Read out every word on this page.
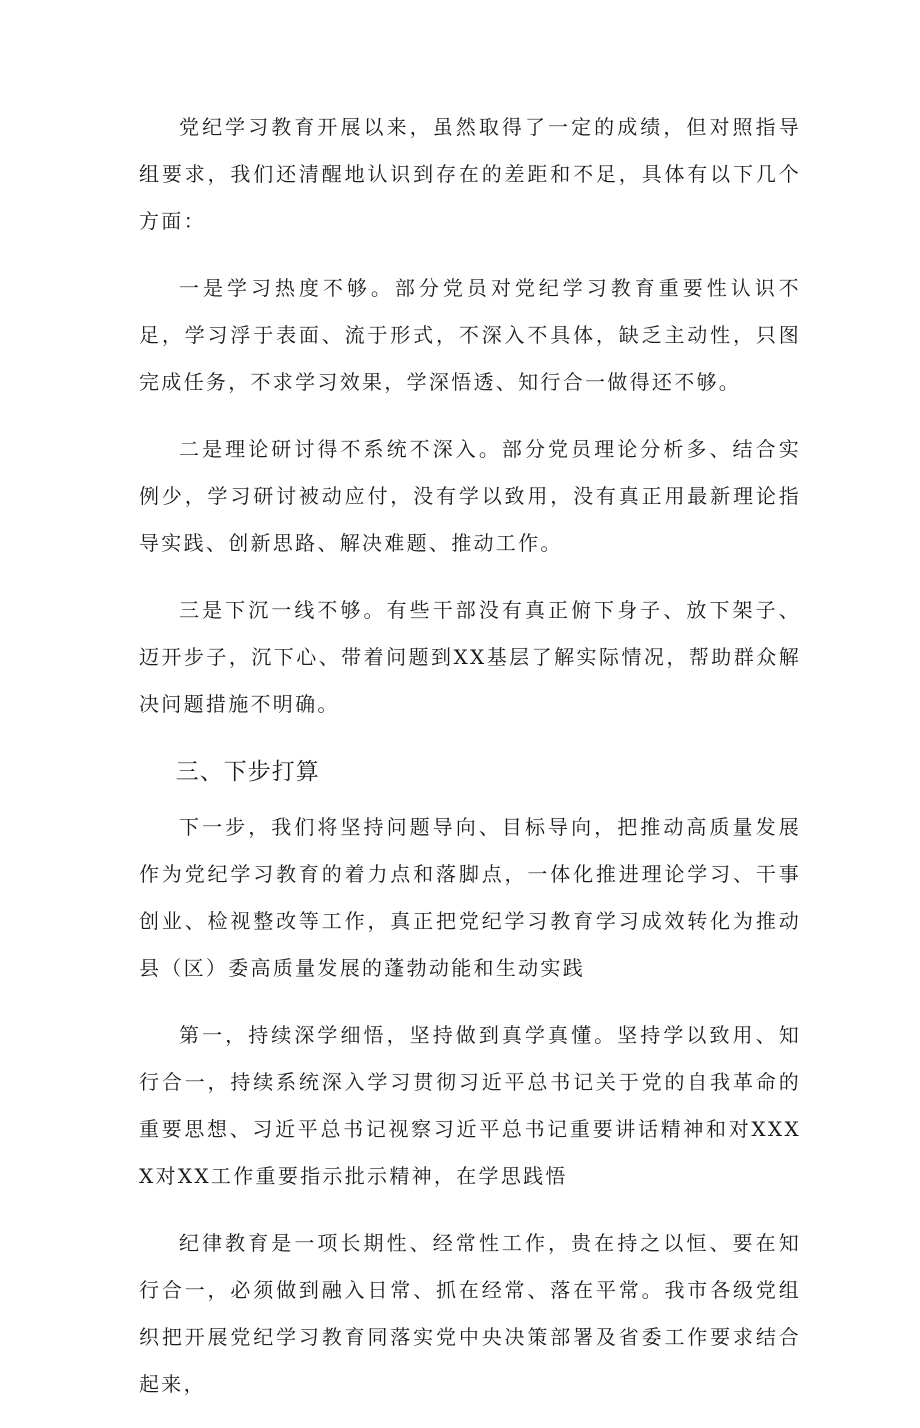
党纪学习教育开展以来，虽然取得了一定的成绩，但对照指导组要求，我们还清醒地认识到存在的差距和不足，具体有以下几个方面：

一是学习热度不够。部分党员对党纪学习教育重要性认识不足，学习浮于表面、流于形式，不深入不具体，缺乏主动性，只图完成任务，不求学习效果，学深悟透、知行合一做得还不够。

二是理论研讨得不系统不深入。部分党员理论分析多、结合实例少，学习研讨被动应付，没有学以致用，没有真正用最新理论指导实践、创新思路、解决难题、推动工作。

三是下沉一线不够。有些干部没有真正俯下身子、放下架子、迈开步子，沉下心、带着问题到XX基层了解实际情况，帮助群众解决问题措施不明确。

三、下步打算

下一步，我们将坚持问题导向、目标导向，把推动高质量发展作为党纪学习教育的着力点和落脚点，一体化推进理论学习、干事创业、检视整改等工作，真正把党纪学习教育学习成效转化为推动县（区）委高质量发展的蓬勃动能和生动实践

第一，持续深学细悟，坚持做到真学真懂。坚持学以致用、知行合一，持续系统深入学习贯彻习近平总书记关于党的自我革命的重要思想、习近平总书记视察习近平总书记重要讲话精神和对XXXX对XX工作重要指示批示精神，在学思践悟

纪律教育是一项长期性、经常性工作，贵在持之以恒、要在知行合一，必须做到融入日常、抓在经常、落在平常。我市各级党组织把开展党纪学习教育同落实党中央决策部署及省委工作要求结合起来，
